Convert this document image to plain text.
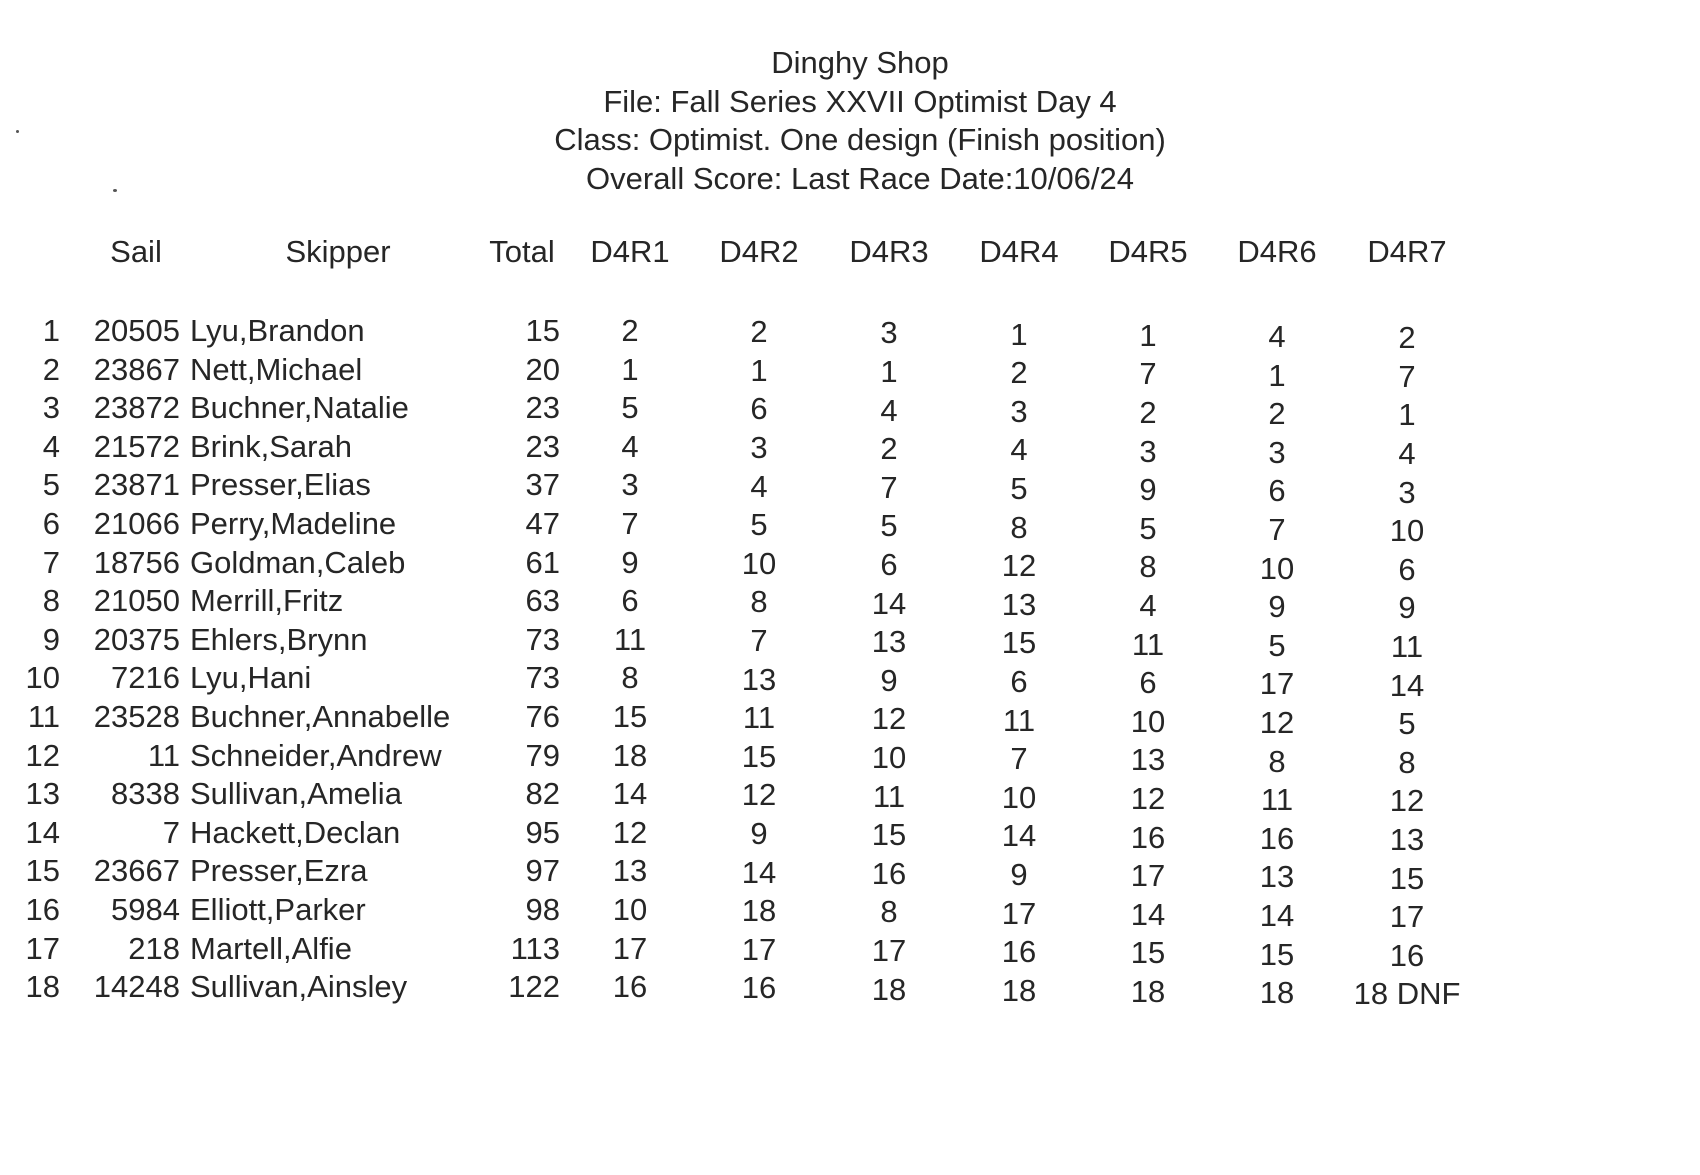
Dinghy Shop
File: Fall Series XXVII Optimist Day 4
Class: Optimist. One design (Finish position)
Overall Score: Last Race Date:10/06/24
Sail	Skipper	Total	D4R1	D4R2	D4R3	D4R4	D4R5	D4R6	D4R7
1	20505 Lyu,Brandon	15	2	2	3	1	1	4	2
2	23867 Nett,Michael	20	1	1	1	2	7	1	7
3	23872 Buchner,Natalie	23	5	6	4	3	2	2	1
4	21572 Brink,Sarah	23	4	3	2	4	3	3	4
5	23871 Presser,Elias	37	3	4	7	5	9	6	3
6	21066 Perry,Madeline	47	7	5	5	8	5	7	10
7	18756 Goldman,Caleb	61	9	10	6	12	8	10	6
8	21050 Merrill,Fritz	63	6	8	14	13	4	9	9
9	20375 Ehlers,Brynn	73	11	7	13	15	11	5	11
10	7216 Lyu,Hani	73	8	13	9	6	6	17	14
11	23528 Buchner,Annabelle	76	15	11	12	11	10	12	5
12	11 Schneider,Andrew	79	18	15	10	7	13	8	8
13	8338 Sullivan,Amelia	82	14	12	11	10	12	11	12
14	7 Hackett,Declan	95	12	9	15	14	16	16	13
15	23667 Presser,Ezra	97	13	14	16	9	17	13	15
16	5984 Elliott,Parker	98	10	18	8	17	14	14	17
17	218 Martell,Alfie	113	17	17	17	16	15	15	16
18	14248 Sullivan,Ainsley	122	16	16	18	18	18	18	18 DNF
